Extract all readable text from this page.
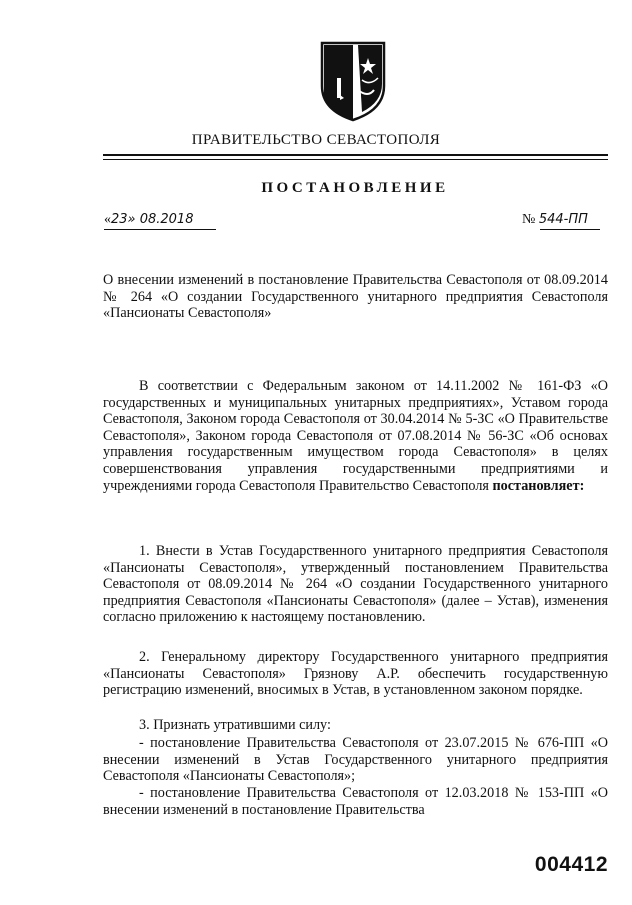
ПРАВИТЕЛЬСТВО СЕВАСТОПОЛЯ
ПОСТАНОВЛЕНИЕ
«23» 08.2018	№ 544-ПП
О внесении изменений в постановление Правительства Севастополя от 08.09.2014 № 264 «О создании Государственного унитарного предприятия Севастополя «Пансионаты Севастополя»
В соответствии с Федеральным законом от 14.11.2002 № 161-ФЗ «О государственных и муниципальных унитарных предприятиях», Уставом города Севастополя, Законом города Севастополя от 30.04.2014 № 5-ЗС «О Правительстве Севастополя», Законом города Севастополя от 07.08.2014 № 56-ЗС «Об основах управления государственным имуществом города Севастополя» в целях совершенствования управления государственными предприятиями и учреждениями города Севастополя Правительство Севастополя постановляет:
1. Внести в Устав Государственного унитарного предприятия Севастополя «Пансионаты Севастополя», утвержденный постановлением Правительства Севастополя от 08.09.2014 № 264 «О создании Государственного унитарного предприятия Севастополя «Пансионаты Севастополя» (далее – Устав), изменения согласно приложению к настоящему постановлению.
2. Генеральному директору Государственного унитарного предприятия «Пансионаты Севастополя» Грязнову А.Р. обеспечить государственную регистрацию изменений, вносимых в Устав, в установленном законом порядке.
3. Признать утратившими силу:
- постановление Правительства Севастополя от 23.07.2015 № 676-ПП «О внесении изменений в Устав Государственного унитарного предприятия Севастополя «Пансионаты Севастополя»;
- постановление Правительства Севастополя от 12.03.2018 № 153-ПП «О внесении изменений в постановление Правительства
004412
